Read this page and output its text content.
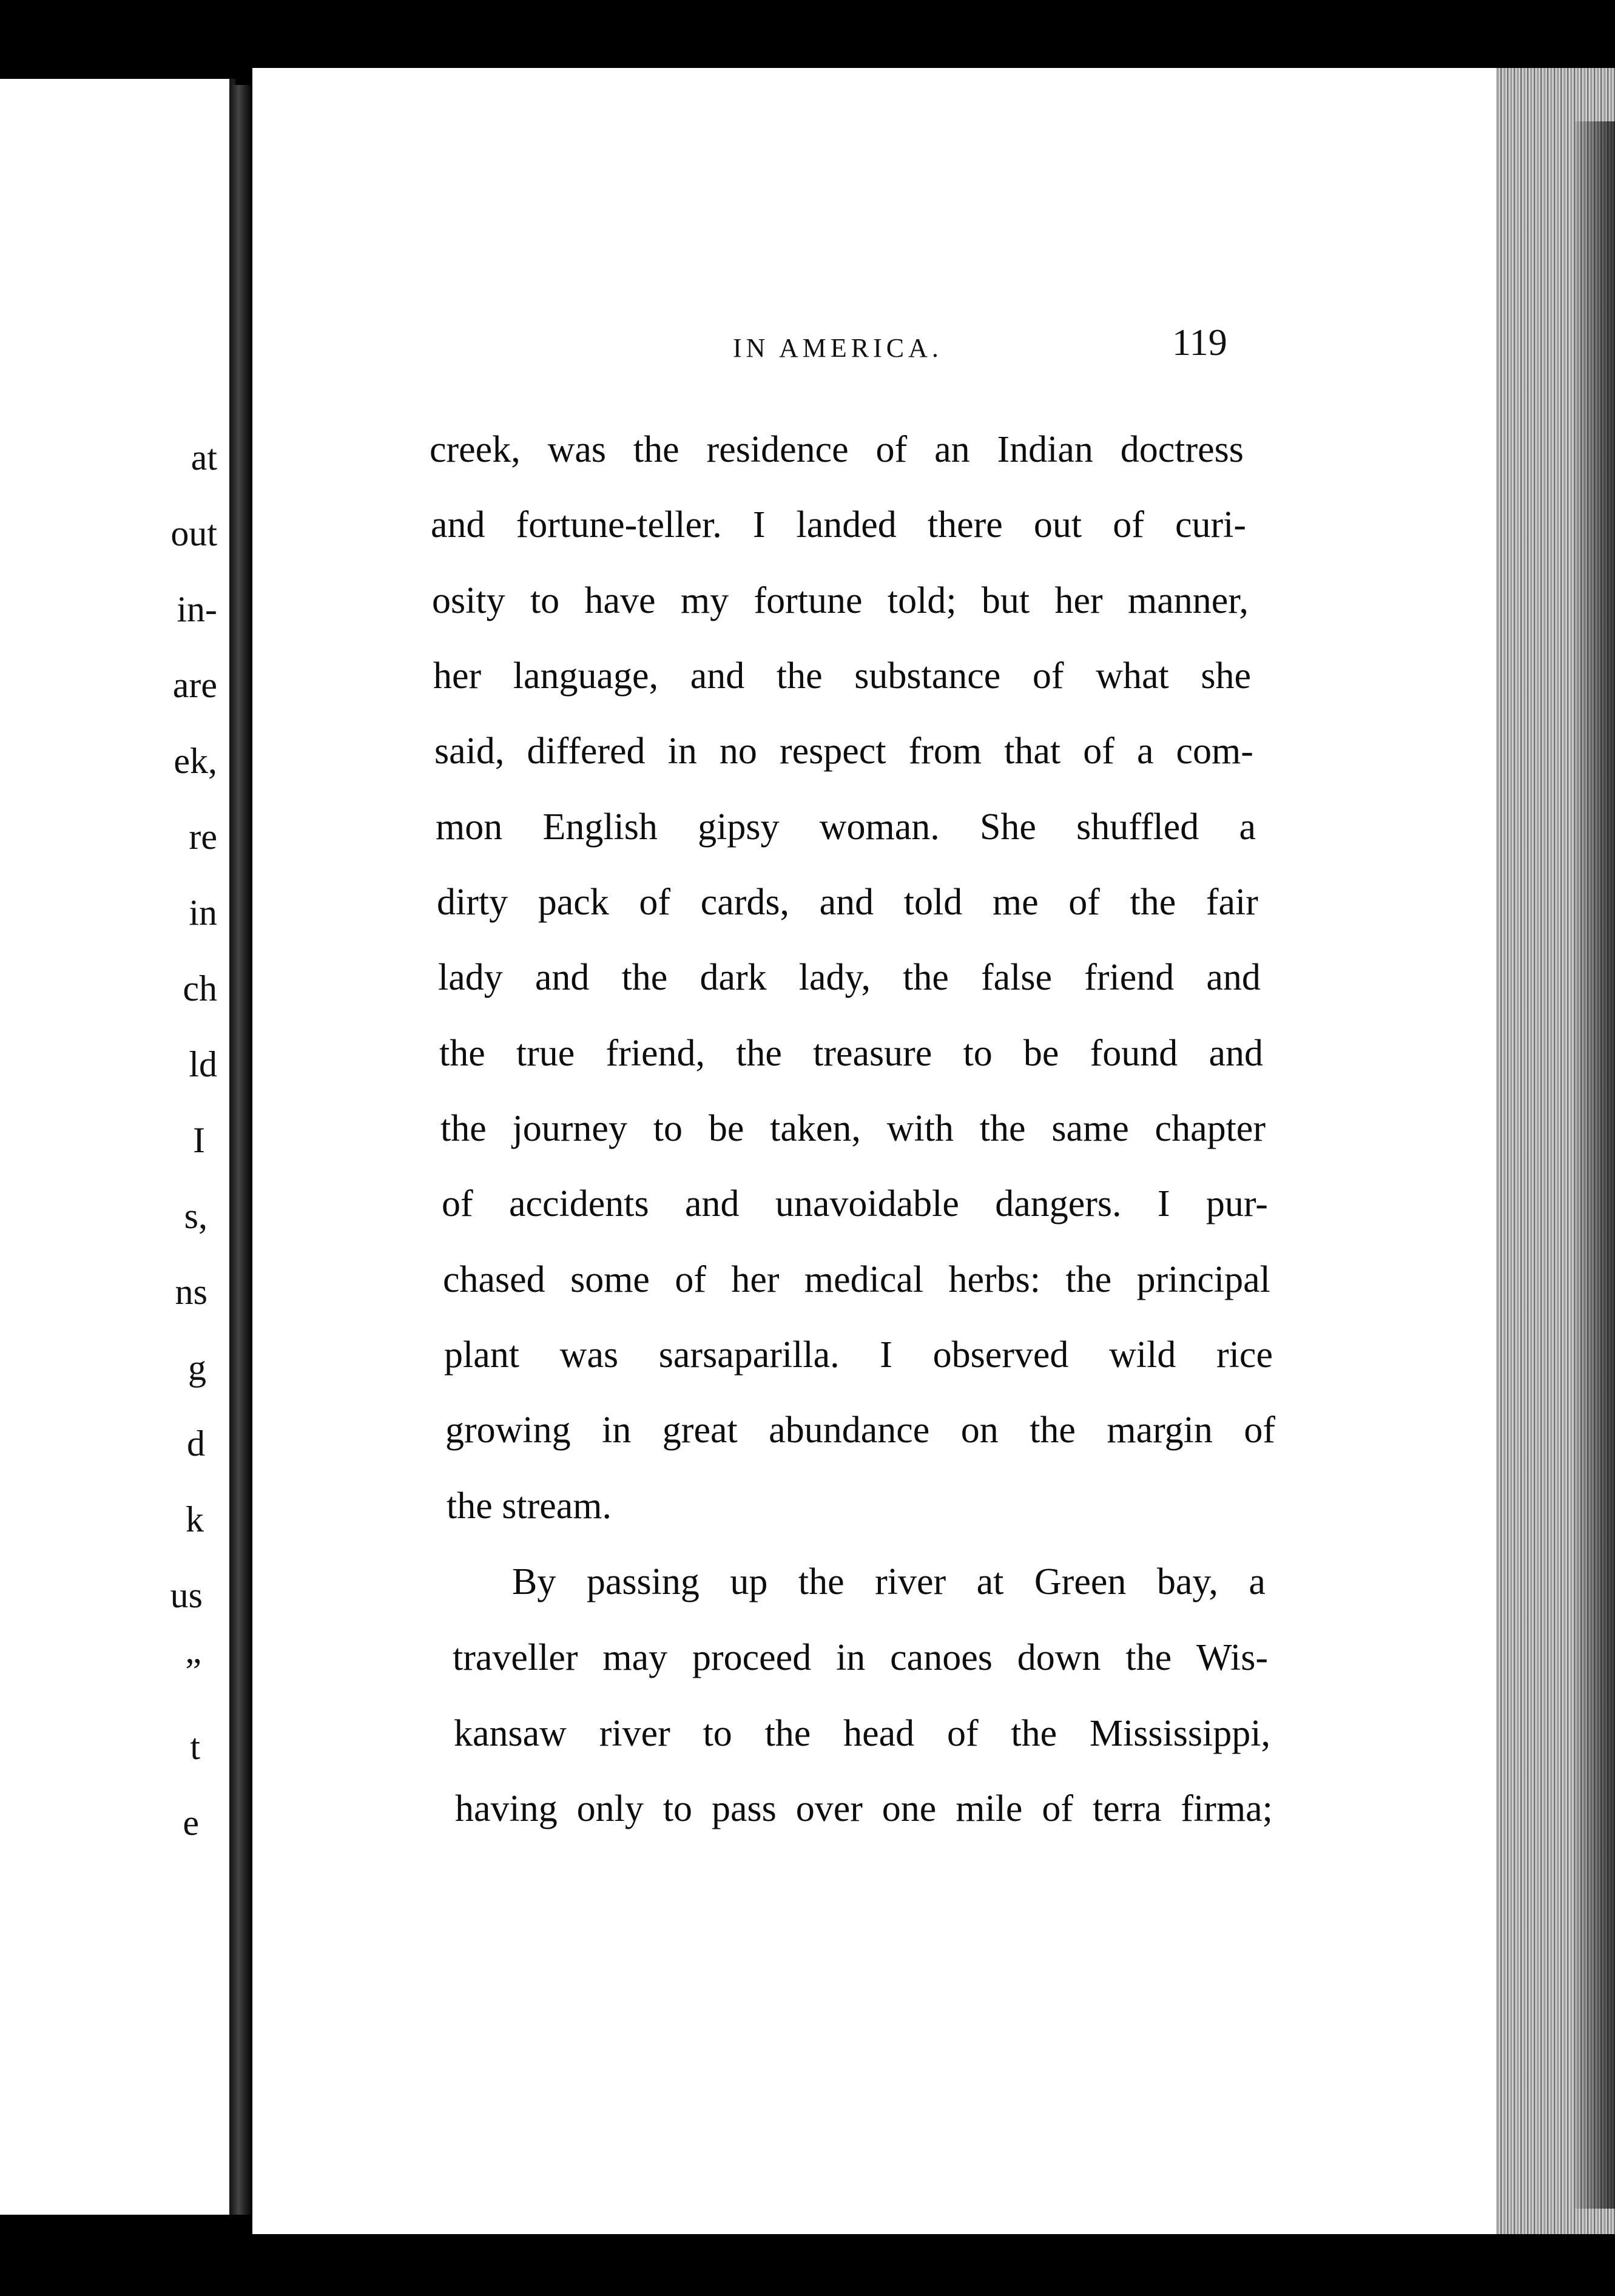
at
out
in-
are
ek,
re
in
ch
ld
I
s,
ns
g
d
k
us
”
t
e
IN AMERICA.	119
creek, was the residence of an Indian doctress
and fortune-teller. I landed there out of curi-
osity to have my fortune told; but her manner,
her language, and the substance of what she
said, differed in no respect from that of a com-
mon English gipsy woman. She shuffled a
dirty pack of cards, and told me of the fair
lady and the dark lady, the false friend and
the true friend, the treasure to be found and
the journey to be taken, with the same chapter
of accidents and unavoidable dangers. I pur-
chased some of her medical herbs: the principal
plant was sarsaparilla. I observed wild rice
growing in great abundance on the margin of
the stream.
By passing up the river at Green bay, a
traveller may proceed in canoes down the Wis-
kansaw river to the head of the Mississippi,
having only to pass over one mile of terra firma;
